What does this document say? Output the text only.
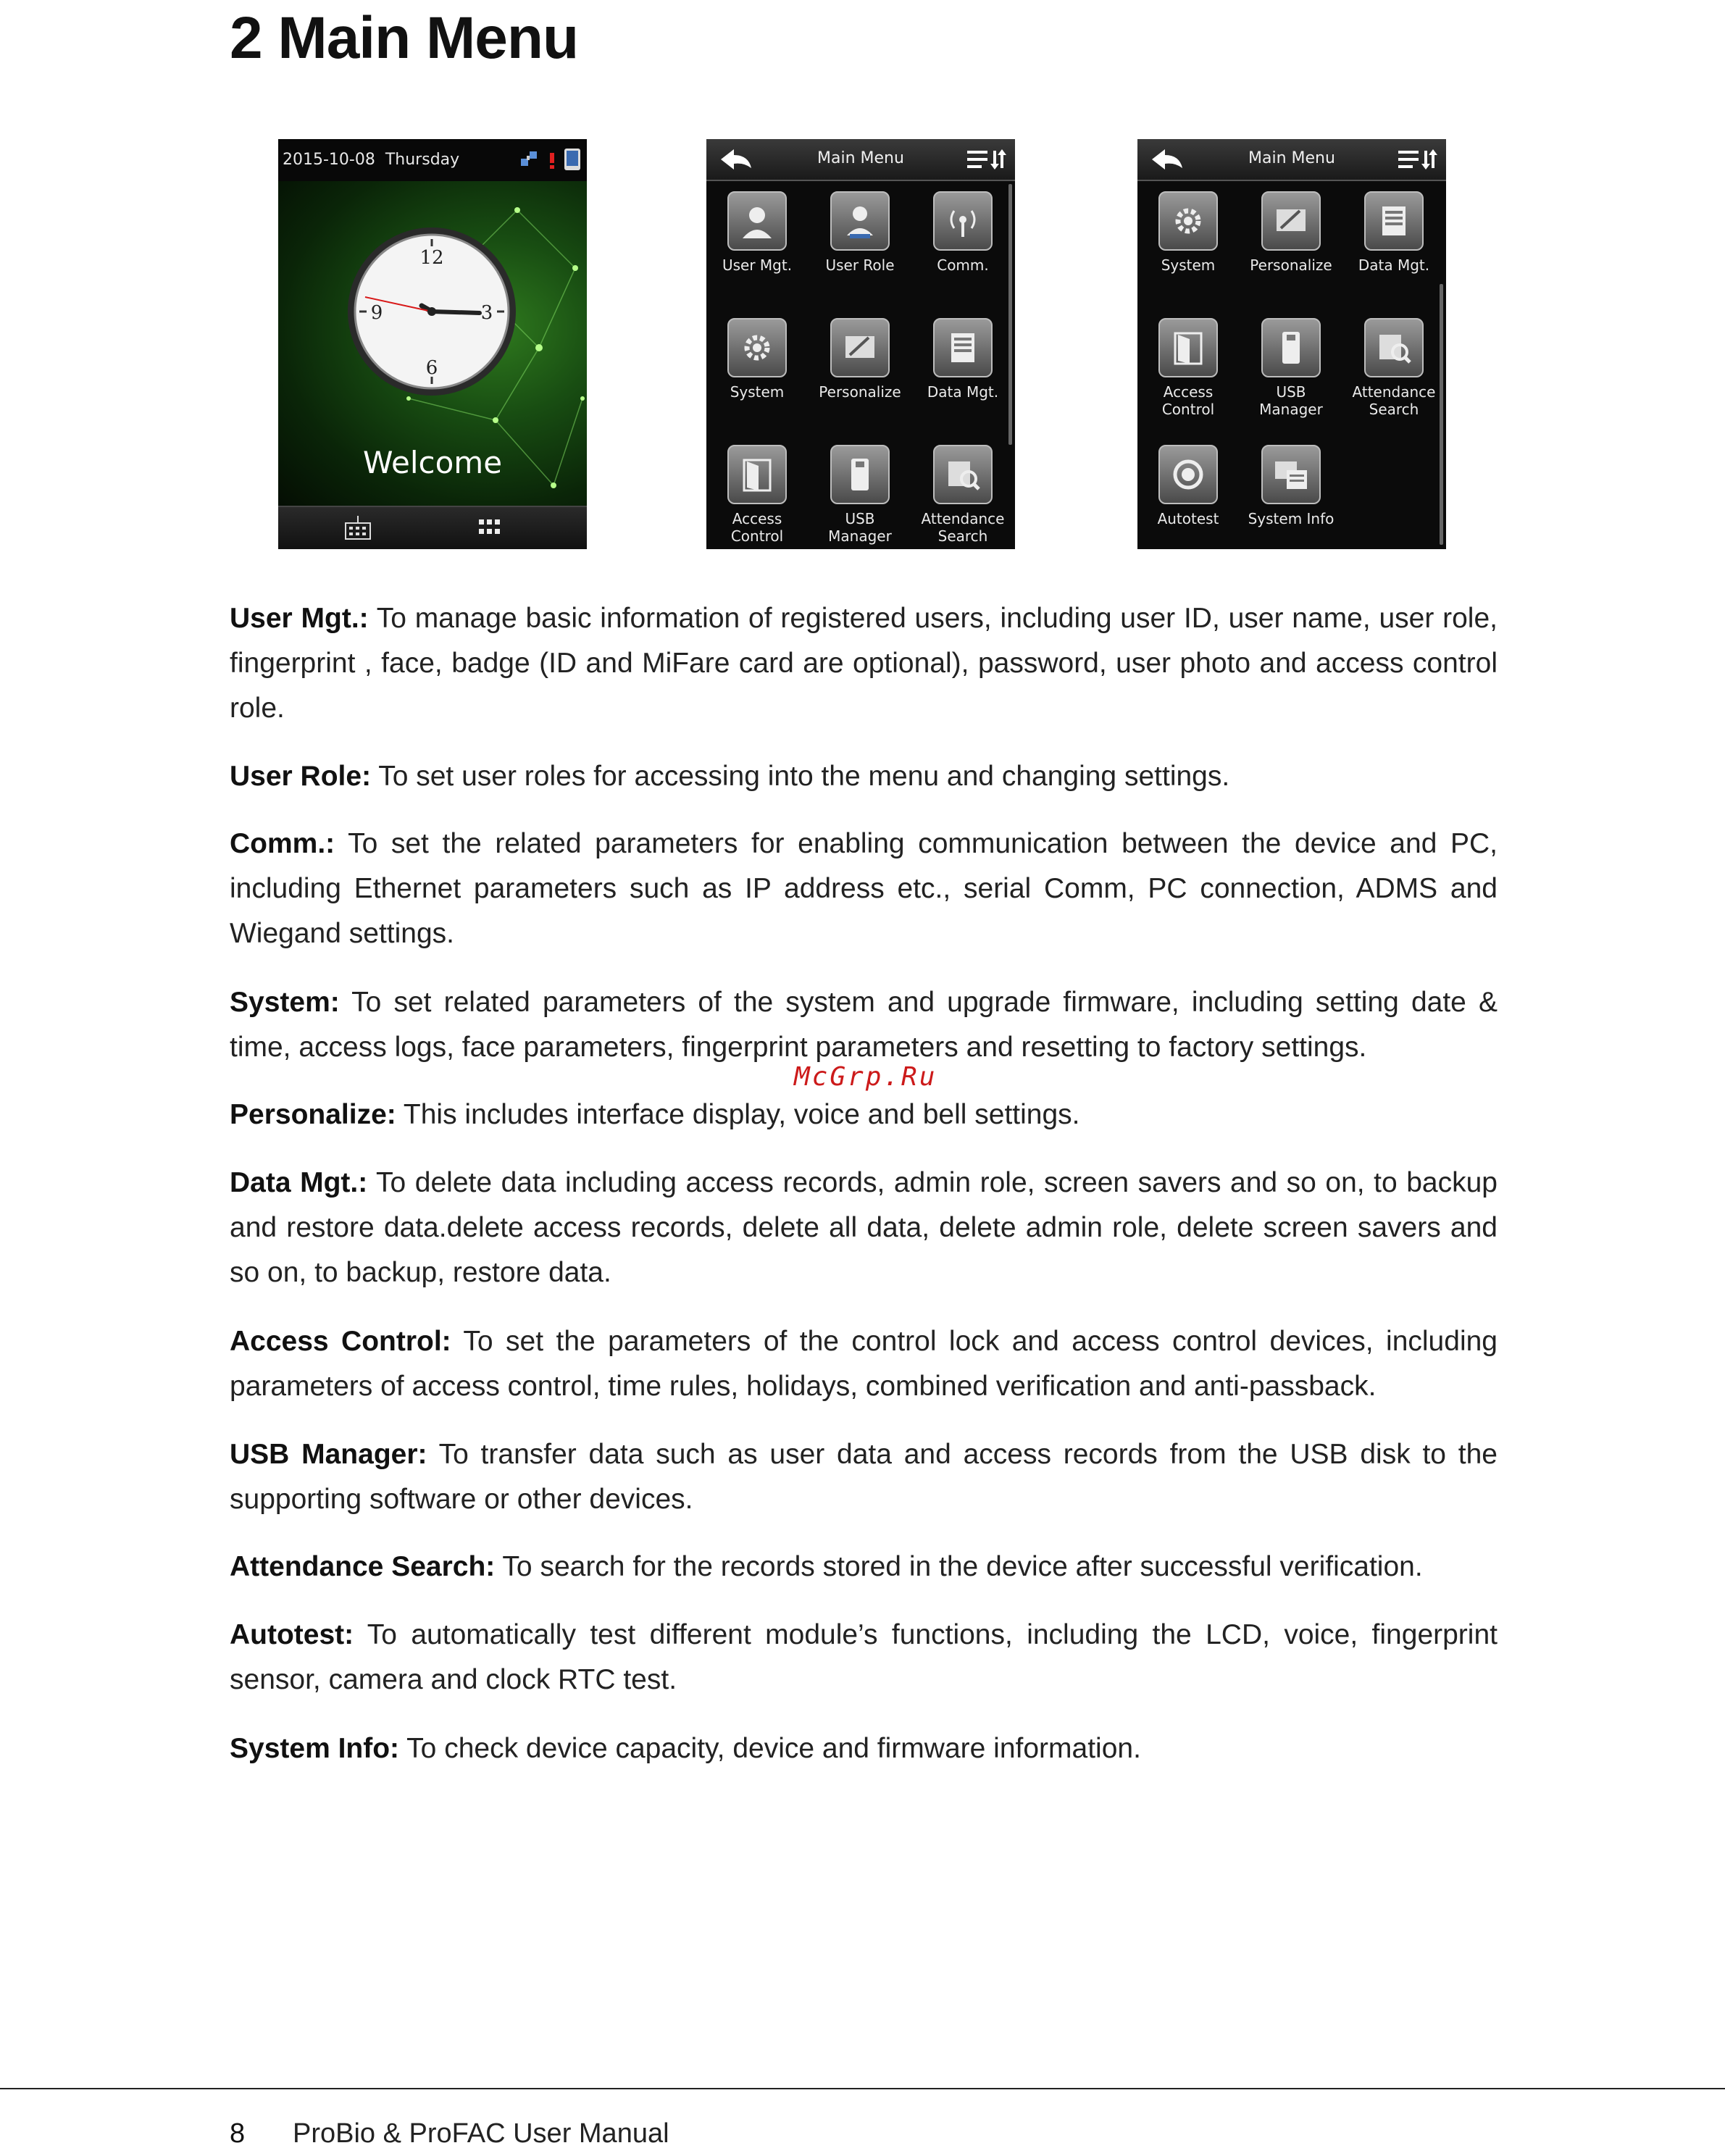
2 Main Menu
2015-10-08 Thursday
12
3
6
9
Welcome
Main Menu
User Mgt.	User Role	Comm.
System	Personalize	Data Mgt.
Access
Control
USB
Manager
Attendance
Search
Main Menu
System	Personalize	Data Mgt.
Access
Control
USB
Manager
Attendance
Search
Autotest	System Info

User Mgt.: To manage basic information of registered users, including user ID, user name, user role, fingerprint , face, badge (ID and MiFare card are optional), password, user photo and access control role.

User Role: To set user roles for accessing into the menu and changing settings.

Comm.: To set the related parameters for enabling communication between the device and PC, including Ethernet parameters such as IP address etc., serial Comm, PC connection, ADMS and Wiegand settings.

System: To set related parameters of the system and upgrade firmware, including setting date & time, access logs, face parameters, fingerprint parameters and resetting to factory settings.

Personalize: This includes interface display, voice and bell settings.

Data Mgt.: To delete data including access records, admin role, screen savers and so on, to backup and restore data.delete access records, delete all data, delete admin role, delete screen savers and so on, to backup, restore data.

Access Control: To set the parameters of the control lock and access control devices, including parameters of access control, time rules, holidays, combined verification and anti-passback.

USB Manager: To transfer data such as user data and access records from the USB disk to the supporting software or other devices.

Attendance Search: To search for the records stored in the device after successful verification.

Autotest: To automatically test different module’s functions, including the LCD, voice, fingerprint sensor, camera and clock RTC test.

System Info: To check device capacity, device and firmware information.

McGrp.Ru
8 ProBio & ProFAC User Manual
